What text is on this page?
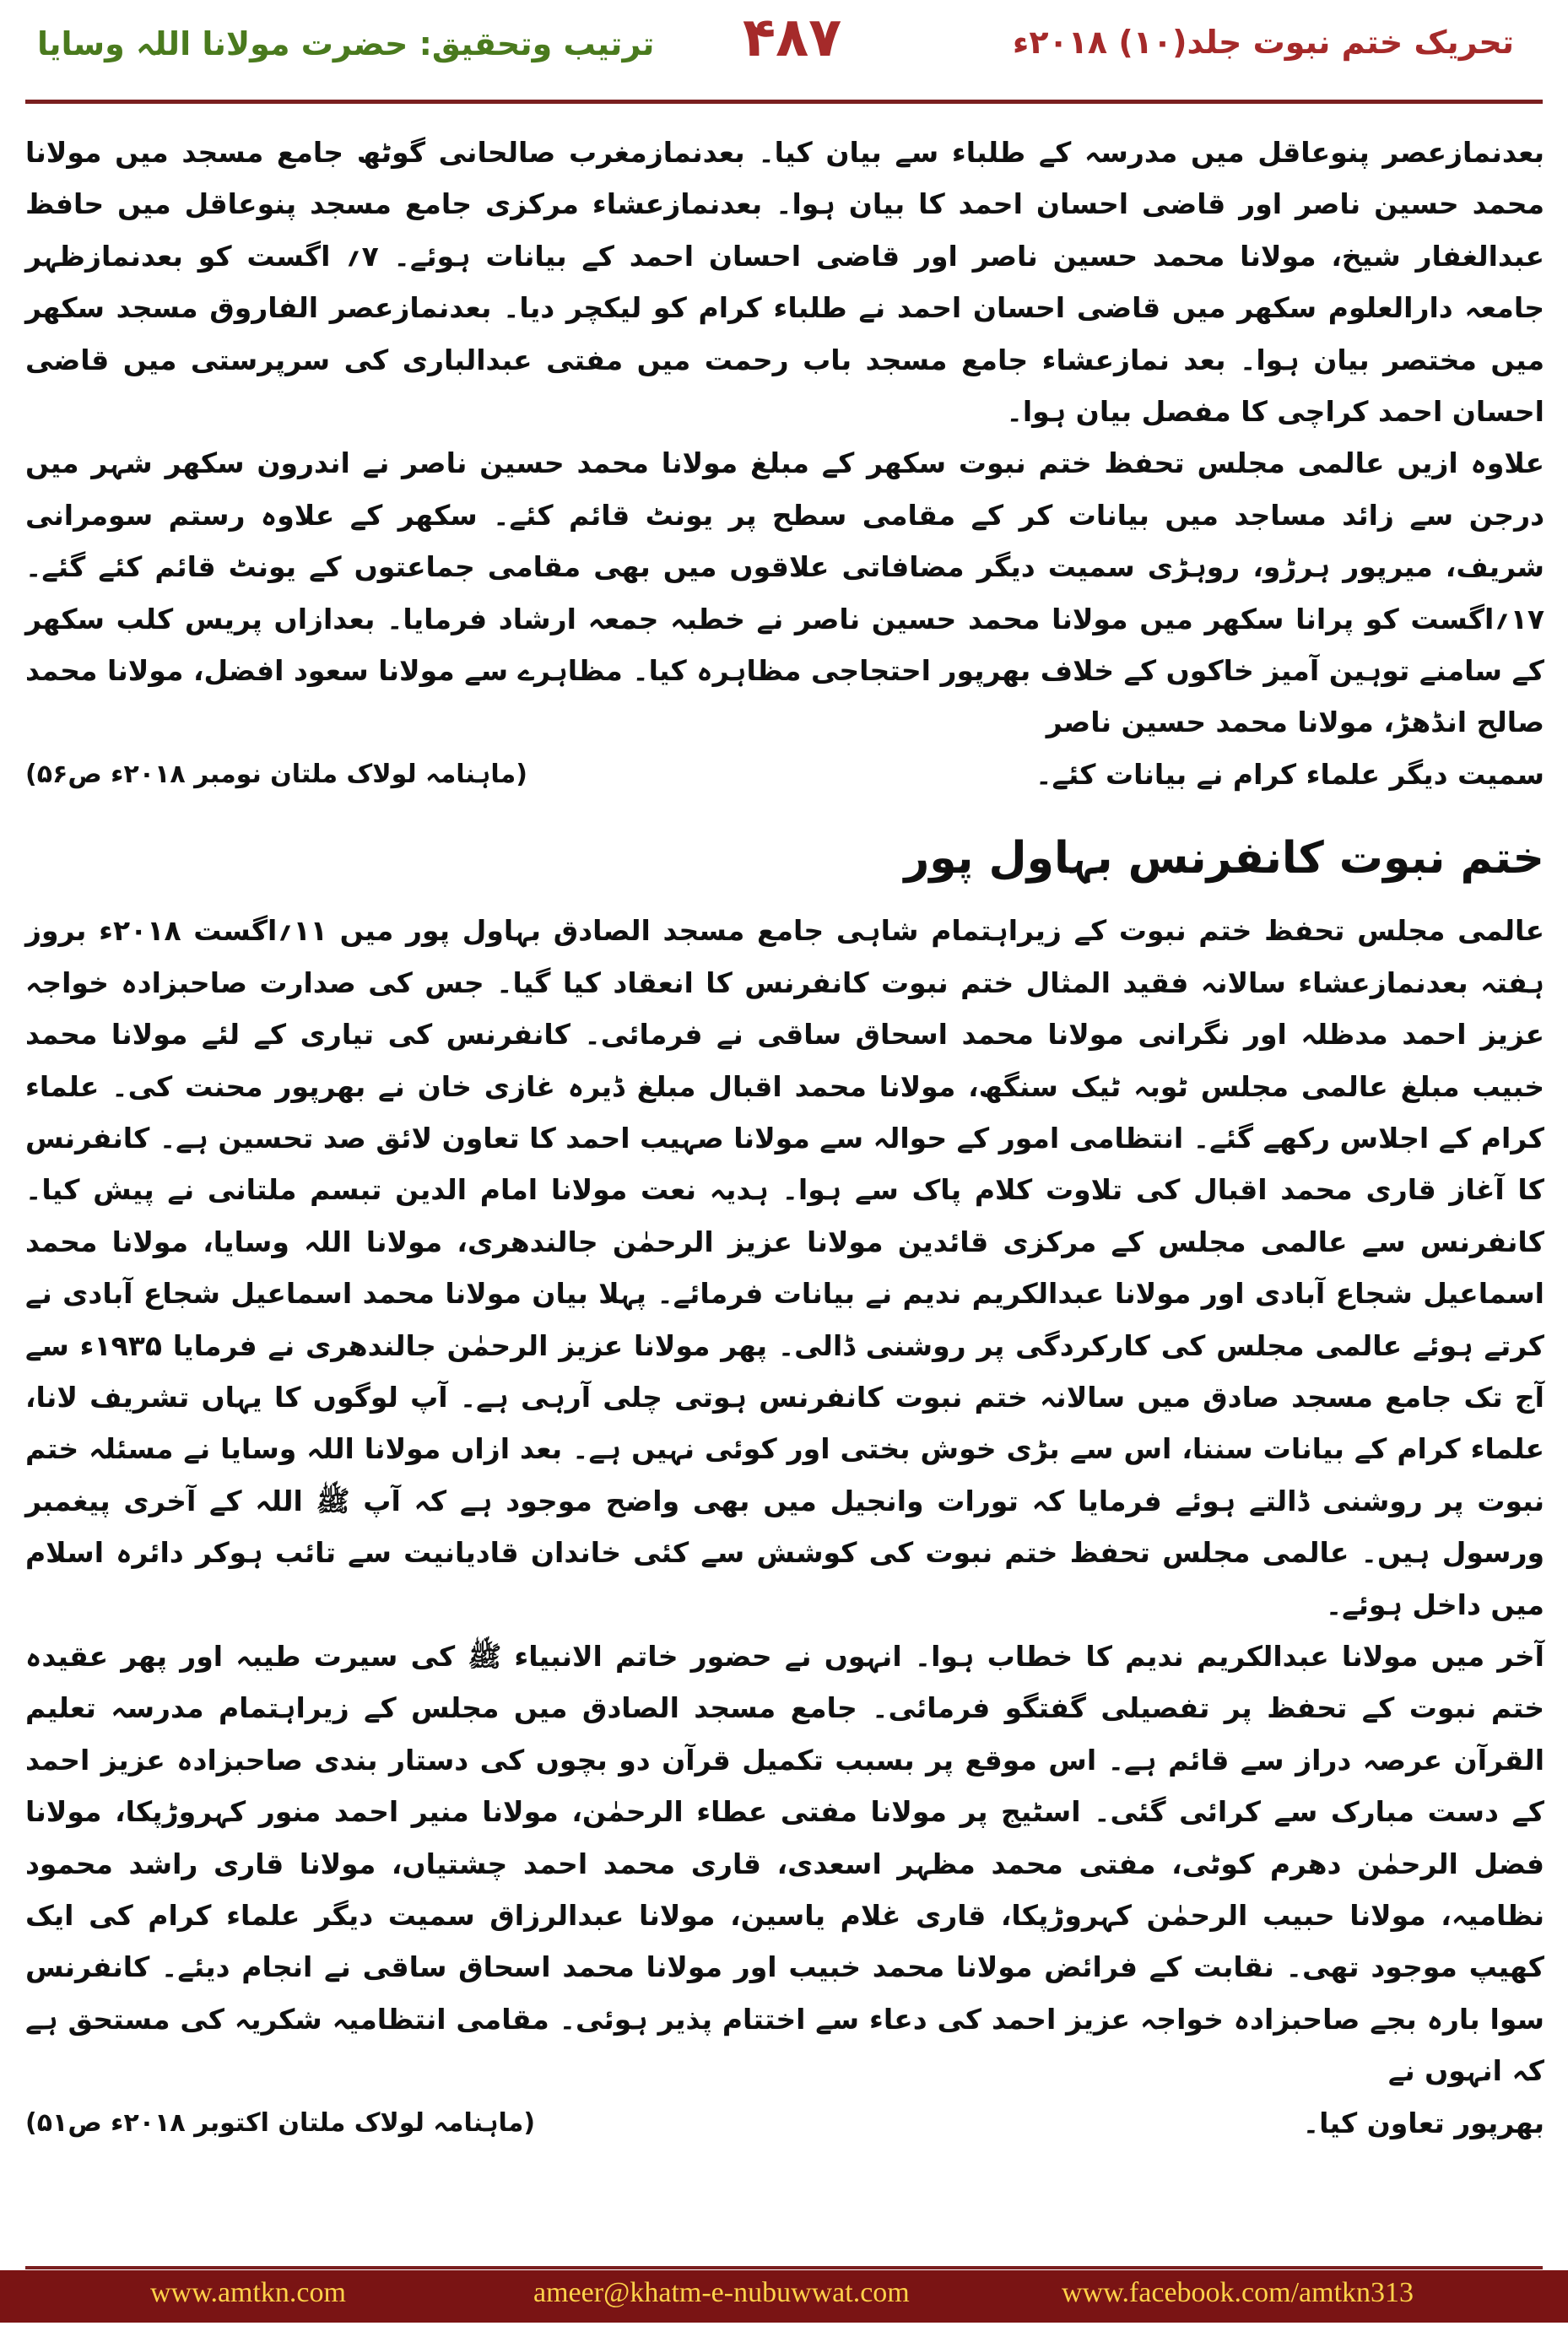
تحریک ختم نبوت جلد(۱۰) ۲۰۱۸ء
۴۸۷
ترتیب وتحقیق: حضرت مولانا اللہ وسایا

بعدنمازعصر پنوعاقل میں مدرسہ کے طلباء سے بیان کیا۔ بعدنمازمغرب صالحانی گوٹھ جامع مسجد میں مولانا محمد حسین ناصر اور قاضی احسان احمد کا بیان ہوا۔ بعدنمازعشاء مرکزی جامع مسجد پنوعاقل میں حافظ عبدالغفار شیخ، مولانا محمد حسین ناصر اور قاضی احسان احمد کے بیانات ہوئے۔ ۷؍ اگست کو بعدنمازظہر جامعہ دارالعلوم سکھر میں قاضی احسان احمد نے طلباء کرام کو لیکچر دیا۔ بعدنمازعصر الفاروق مسجد سکھر میں مختصر بیان ہوا۔ بعد نمازعشاء جامع مسجد باب رحمت میں مفتی عبدالباری کی سرپرستی میں قاضی احسان احمد کراچی کا مفصل بیان ہوا۔

علاوہ ازیں عالمی مجلس تحفظ ختم نبوت سکھر کے مبلغ مولانا محمد حسین ناصر نے اندرون سکھر شہر میں درجن سے زائد مساجد میں بیانات کر کے مقامی سطح پر یونٹ قائم کئے۔ سکھر کے علاوہ رستم سومرانی شریف، میرپور ہرڑو، روہڑی سمیت دیگر مضافاتی علاقوں میں بھی مقامی جماعتوں کے یونٹ قائم کئے گئے۔ ۱۷؍اگست کو پرانا سکھر میں مولانا محمد حسین ناصر نے خطبہ جمعہ ارشاد فرمایا۔ بعدازاں پریس کلب سکھر کے سامنے توہین آمیز خاکوں کے خلاف بھرپور احتجاجی مظاہرہ کیا۔ مظاہرے سے مولانا سعود افضل، مولانا محمد صالح انڈھڑ، مولانا محمد حسین ناصر

سمیت دیگر علماء کرام نے بیانات کئے۔
(ماہنامہ لولاک ملتان نومبر ۲۰۱۸ء ص۵۶)
ختم نبوت کانفرنس بہاول پور

عالمی مجلس تحفظ ختم نبوت کے زیراہتمام شاہی جامع مسجد الصادق بہاول پور میں ۱۱؍اگست ۲۰۱۸ء بروز ہفتہ بعدنمازعشاء سالانہ فقید المثال ختم نبوت کانفرنس کا انعقاد کیا گیا۔ جس کی صدارت صاحبزادہ خواجہ عزیز احمد مدظلہ اور نگرانی مولانا محمد اسحاق ساقی نے فرمائی۔ کانفرنس کی تیاری کے لئے مولانا محمد خبیب مبلغ عالمی مجلس ٹوبہ ٹیک سنگھ، مولانا محمد اقبال مبلغ ڈیرہ غازی خان نے بھرپور محنت کی۔ علماء کرام کے اجلاس رکھے گئے۔ انتظامی امور کے حوالہ سے مولانا صہیب احمد کا تعاون لائق صد تحسین ہے۔ کانفرنس کا آغاز قاری محمد اقبال کی تلاوت کلام پاک سے ہوا۔ ہدیہ نعت مولانا امام الدین تبسم ملتانی نے پیش کیا۔ کانفرنس سے عالمی مجلس کے مرکزی قائدین مولانا عزیز الرحمٰن جالندھری، مولانا اللہ وسایا، مولانا محمد اسماعیل شجاع آبادی اور مولانا عبدالکریم ندیم نے بیانات فرمائے۔ پہلا بیان مولانا محمد اسماعیل شجاع آبادی نے کرتے ہوئے عالمی مجلس کی کارکردگی پر روشنی ڈالی۔ پھر مولانا عزیز الرحمٰن جالندھری نے فرمایا ۱۹۳۵ء سے آج تک جامع مسجد صادق میں سالانہ ختم نبوت کانفرنس ہوتی چلی آرہی ہے۔ آپ لوگوں کا یہاں تشریف لانا، علماء کرام کے بیانات سننا، اس سے بڑی خوش بختی اور کوئی نہیں ہے۔ بعد ازاں مولانا اللہ وسایا نے مسئلہ ختم نبوت پر روشنی ڈالتے ہوئے فرمایا کہ تورات وانجیل میں بھی واضح موجود ہے کہ آپ ﷺ اللہ کے آخری پیغمبر ورسول ہیں۔ عالمی مجلس تحفظ ختم نبوت کی کوشش سے کئی خاندان قادیانیت سے تائب ہوکر دائرہ اسلام میں داخل ہوئے۔

آخر میں مولانا عبدالکریم ندیم کا خطاب ہوا۔ انہوں نے حضور خاتم الانبیاء ﷺ کی سیرت طیبہ اور پھر عقیدہ ختم نبوت کے تحفظ پر تفصیلی گفتگو فرمائی۔ جامع مسجد الصادق میں مجلس کے زیراہتمام مدرسہ تعلیم القرآن عرصہ دراز سے قائم ہے۔ اس موقع پر بسبب تکمیل قرآن دو بچوں کی دستار بندی صاحبزادہ عزیز احمد کے دست مبارک سے کرائی گئی۔ اسٹیج پر مولانا مفتی عطاء الرحمٰن، مولانا منیر احمد منور کہروڑپکا، مولانا فضل الرحمٰن دھرم کوٹی، مفتی محمد مظہر اسعدی، قاری محمد احمد چشتیاں، مولانا قاری راشد محمود نظامیہ، مولانا حبیب الرحمٰن کہروڑپکا، قاری غلام یاسین، مولانا عبدالرزاق سمیت دیگر علماء کرام کی ایک کھیپ موجود تھی۔ نقابت کے فرائض مولانا محمد خبیب اور مولانا محمد اسحاق ساقی نے انجام دیئے۔ کانفرنس سوا بارہ بجے صاحبزادہ خواجہ عزیز احمد کی دعاء سے اختتام پذیر ہوئی۔ مقامی انتظامیہ شکریہ کی مستحق ہے کہ انہوں نے

بھرپور تعاون کیا۔
(ماہنامہ لولاک ملتان اکتوبر ۲۰۱۸ء ص۵۱)
www.amtkn.com	ameer@khatm-e-nubuwwat.com	www.facebook.com/amtkn313
